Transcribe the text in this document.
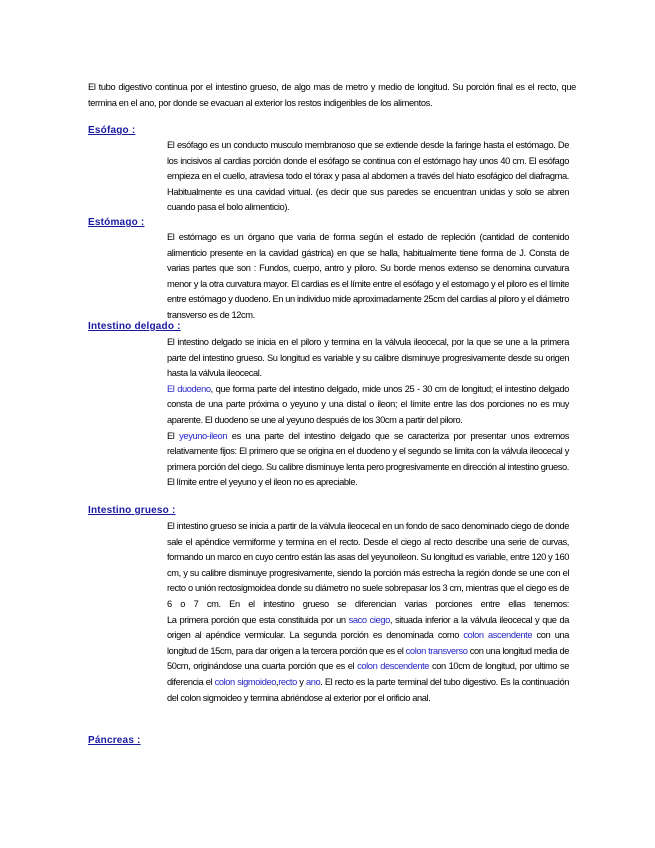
El tubo digestivo continua por el intestino grueso, de algo mas de metro y medio de longitud. Su porción final es el recto, que termina en el ano, por donde se evacuan al exterior los restos indigeribles de los alimentos.

Esófago :

El esófago es un conducto musculo membranoso que se extiende desde la faringe hasta el estómago. De los incisivos al cardias porción donde el esófago se continua con el estómago hay unos 40 cm. El esófago empieza en el cuello, atraviesa todo el tórax y pasa al abdomen a través del hiato esofágico del diafragma. Habitualmente es una cavidad virtual. (es decir que sus paredes se encuentran unidas y solo se abren cuando pasa el bolo alimenticio).

Estómago :

El estómago es un órgano que varia de forma según el estado de repleción (cantidad de contenido alimenticio presente en la cavidad gástrica) en que se halla, habitualmente tiene forma de J. Consta de varias partes que son : Fundos, cuerpo, antro y piloro. Su borde menos extenso se denomina curvatura menor y la otra curvatura mayor. El cardias es el límite entre el esófago y el estomago y el piloro es el límite entre estómago y duodeno. En un individuo mide aproximadamente 25cm del cardias al piloro y el diámetro transverso es de 12cm.

Intestino delgado :

El intestino delgado se inicia en el piloro y termina en la válvula ileocecal, por la que se une a la primera parte del intestino grueso. Su longitud es variable y su calibre disminuye progresivamente desde su origen hasta la válvula ileocecal.

El duodeno, que forma parte del intestino delgado, mide unos 25 - 30 cm de longitud; el intestino delgado consta de una parte próxima o yeyuno y una distal o ileon; el límite entre las dos porciones no es muy aparente. El duodeno se une al yeyuno después de los 30cm a partir del piloro.

El yeyuno-ileon es una parte del intestino delgado que se caracteriza por presentar unos extremos relativamente fijos: El primero que se origina en el duodeno y el segundo se limita con la válvula ileocecal y primera porción del ciego. Su calibre disminuye lenta pero progresivamente en dirección al intestino grueso. El límite entre el yeyuno y el ileon no es apreciable.

Intestino grueso :

El intestino grueso se inicia a partir de la válvula ileocecal en un fondo de saco denominado ciego de donde sale el apéndice vermiforme y termina en el recto. Desde el ciego al recto describe una serie de curvas, formando un marco en cuyo centro están las asas del yeyunoileon. Su longitud es variable, entre 120 y 160 cm, y su calibre disminuye progresivamente, siendo la porción más estrecha la región donde se une con el recto o unión rectosigmoidea donde su diámetro no suele sobrepasar los 3 cm, mientras que el ciego es de 6 o 7 cm. En el intestino grueso se diferencian varias porciones entre ellas tenemos:

La primera porción que esta constituida por un saco ciego, situada inferior a la válvula ileocecal y que da origen al apéndice vermicular. La segunda porción es denominada como colon ascendente con una longitud de 15cm, para dar origen a la tercera porción que es el colon transverso con una longitud media de 50cm, originándose una cuarta porción que es el colon descendente con 10cm de longitud, por ultimo se diferencia el colon sigmoideo,recto y ano. El recto es la parte terminal del tubo digestivo. Es la continuación del colon sigmoideo y termina abriéndose al exterior por el orificio anal.

Páncreas :
